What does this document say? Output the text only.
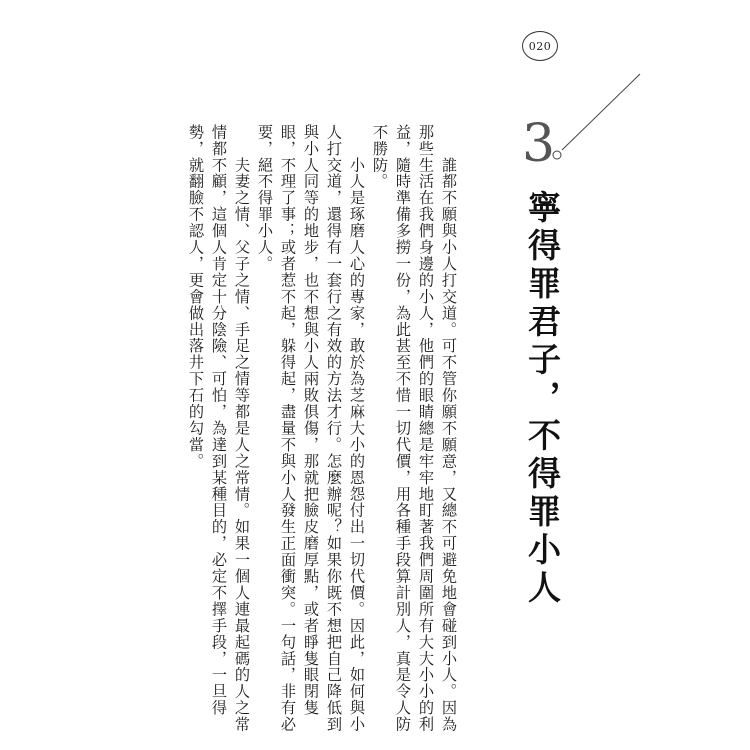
020
3
寧得罪君子，不得罪小人
　　誰都不願與小人打交道。可不管你願不願意，又總不可避免地會碰到小人。因為
那些生活在我們身邊的小人，他們的眼睛總是牢牢地盯著我們周圍所有大大小小的利
益，隨時準備多撈一份，為此甚至不惜一切代價，用各種手段算計別人，真是令人防
不勝防。
　　小人是琢磨人心的專家，敢於為芝麻大小的恩怨付出一切代價。因此，如何與小
人打交道，還得有一套行之有效的方法才行。怎麼辦呢？如果你既不想把自己降低到
與小人同等的地步，也不想與小人兩敗俱傷，那就把臉皮磨厚點，或者睜隻眼閉隻
眼，不理了事；或者惹不起，躲得起，盡量不與小人發生正面衝突。一句話，非有必
要，絕不得罪小人。
　　夫妻之情、父子之情、手足之情等都是人之常情。如果一個人連最起碼的人之常
情都不顧，這個人肯定十分陰險、可怕，為達到某種目的，必定不擇手段，一旦得
勢，就翻臉不認人，更會做出落井下石的勾當。
